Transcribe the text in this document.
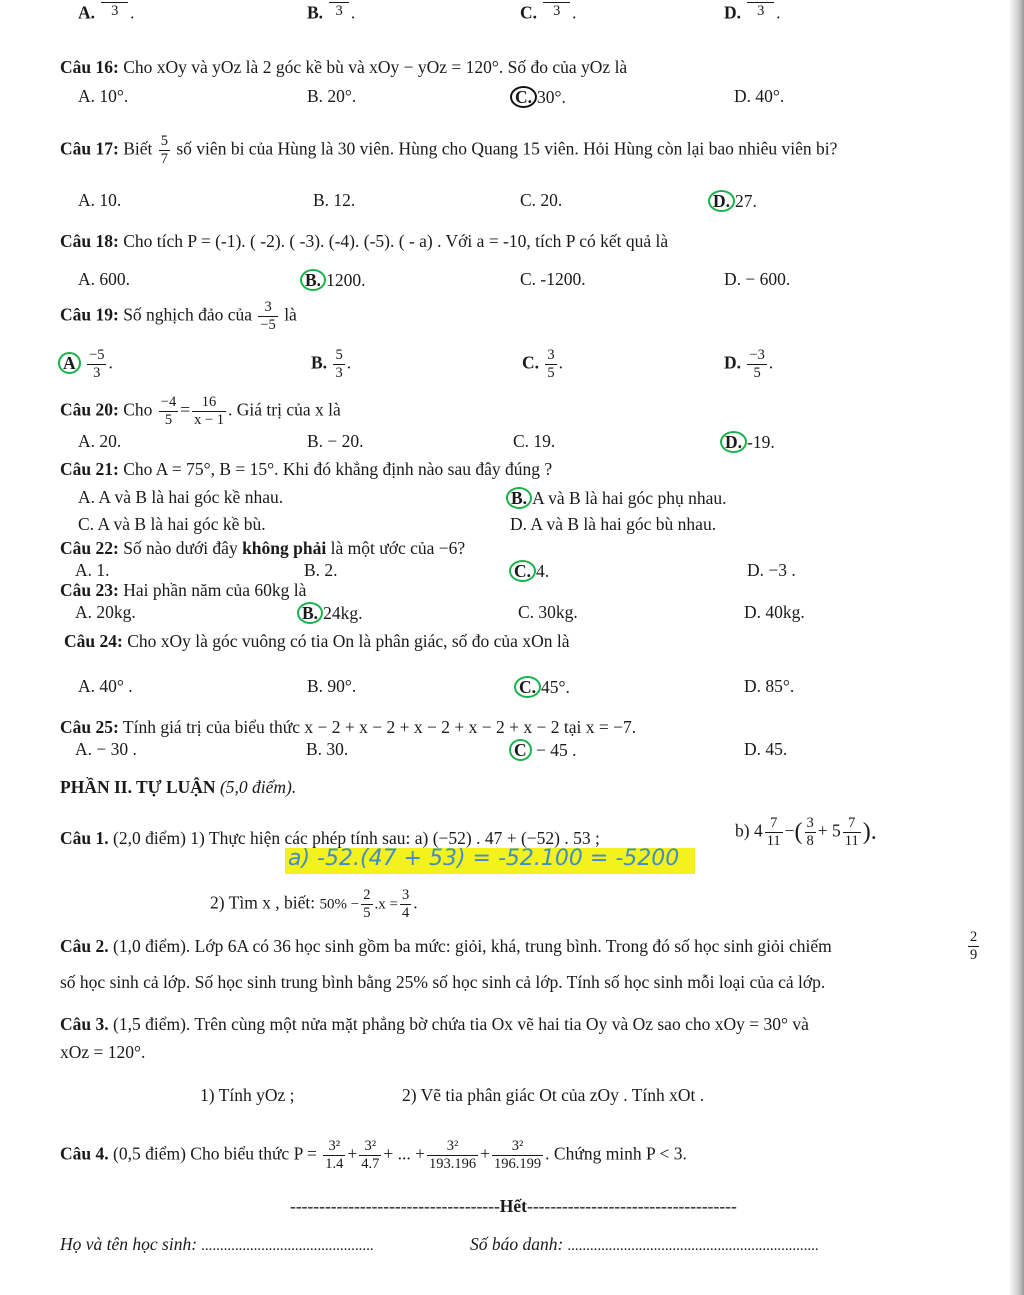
A.	3 .	B. 3 .	C.	3 .	D.	3 .
Câu 16: Cho xOy và yOz là 2 góc kề bù và xOy − yOz = 120°. Số đo của yOz là
A. 10°.	B. 20°.	C. 30°.	D. 40°.
Câu 17: Biết $\frac{5}{7}$ số viên bi của Hùng là 30 viên. Hùng cho Quang 15 viên. Hỏi Hùng còn lại bao nhiêu viên bi?
A. 10.	B. 12.	C. 20.	D. 27.
Câu 18: Cho tích P = (-1). ( -2). ( -3). (-4). (-5). ( - a) . Với a = -10, tích P có kết quả là
A. 600.	B. 1200.	C. -1200.	D. − 600.
Câu 19: Số nghịch đảo của $\frac{3}{-5}$ là
A $\frac{-5}{3}$ .	B. $\frac{5}{3}$ .	C. $\frac{3}{5}$ .	D. $\frac{-3}{5}$ .
Câu 20: Cho $\frac{-4}{5} = \frac{16}{x - 1}$ . Giá trị của x là
A. 20.	B. − 20.	C. 19.	D. -19.
Câu 21: Cho A = 75°, B = 15°. Khi đó khẳng định nào sau đây đúng ?
A. A và B là hai góc kề nhau.	B. A và B là hai góc phụ nhau.
C. A và B là hai góc kề bù.	D. A và B là hai góc bù nhau.
Câu 22: Số nào dưới đây không phải là một ước của −6?
A. 1.	B. 2.	C. 4.	D. −3 .
Câu 23: Hai phần năm của 60kg là
A. 20kg.	B. 24kg.	C. 30kg.	D. 40kg.
Câu 24: Cho xOy là góc vuông có tia On là phân giác, số đo của xOn là
A. 40° .	B. 90°.	C. 45°.	D. 85°.
Câu 25: Tính giá trị của biểu thức x − 2 + x − 2 + x − 2 + x − 2 + x − 2 tại x = −7.
A. − 30 .	B. 30.	C − 45 .	D. 45.
PHẦN II. TỰ LUẬN (5,0 điểm).
Câu 1. (2,0 điểm) 1) Thực hiện các phép tính sau: a) (−52) . 47 + (−52) . 53 ;	b) $4 \frac{7}{11}$ −( $\frac{3}{8} + 5 \frac{7}{11}$ ).
a) -52.(47 + 53) = -52.100 = -5200
2) Tìm x , biết: $50\% - \frac{2}{5} .x = \frac{3}{4}$ .
Câu 2. (1,0 điểm). Lớp 6A có 36 học sinh gồm ba mức: giỏi, khá, trung bình. Trong đó số học sinh giỏi chiếm	$\frac{2}{9}$
số học sinh cả lớp. Số học sinh trung bình bằng 25% số học sinh cả lớp. Tính số học sinh mỗi loại của cả lớp.
Câu 3. (1,5 điểm). Trên cùng một nửa mặt phẳng bờ chứa tia Ox vẽ hai tia Oy và Oz sao cho xOy = 30° và
xOz = 120°.
1) Tính yOz ;	2) Vẽ tia phân giác Ot của zOy . Tính xOt .
Câu 4. (0,5 điểm) Cho biểu thức $P = \frac{\text{3²}}{1.4} + \frac{\text{3²}}{4.7}$ + ... + $\frac{\text{3²}}{193.196} + \frac{\text{3²}}{196.199}$ . Chứng minh P < 3.
------------------------------------Hết------------------------------------
Họ và tên học sinh: ..............................................	Số báo danh: ...................................................................
